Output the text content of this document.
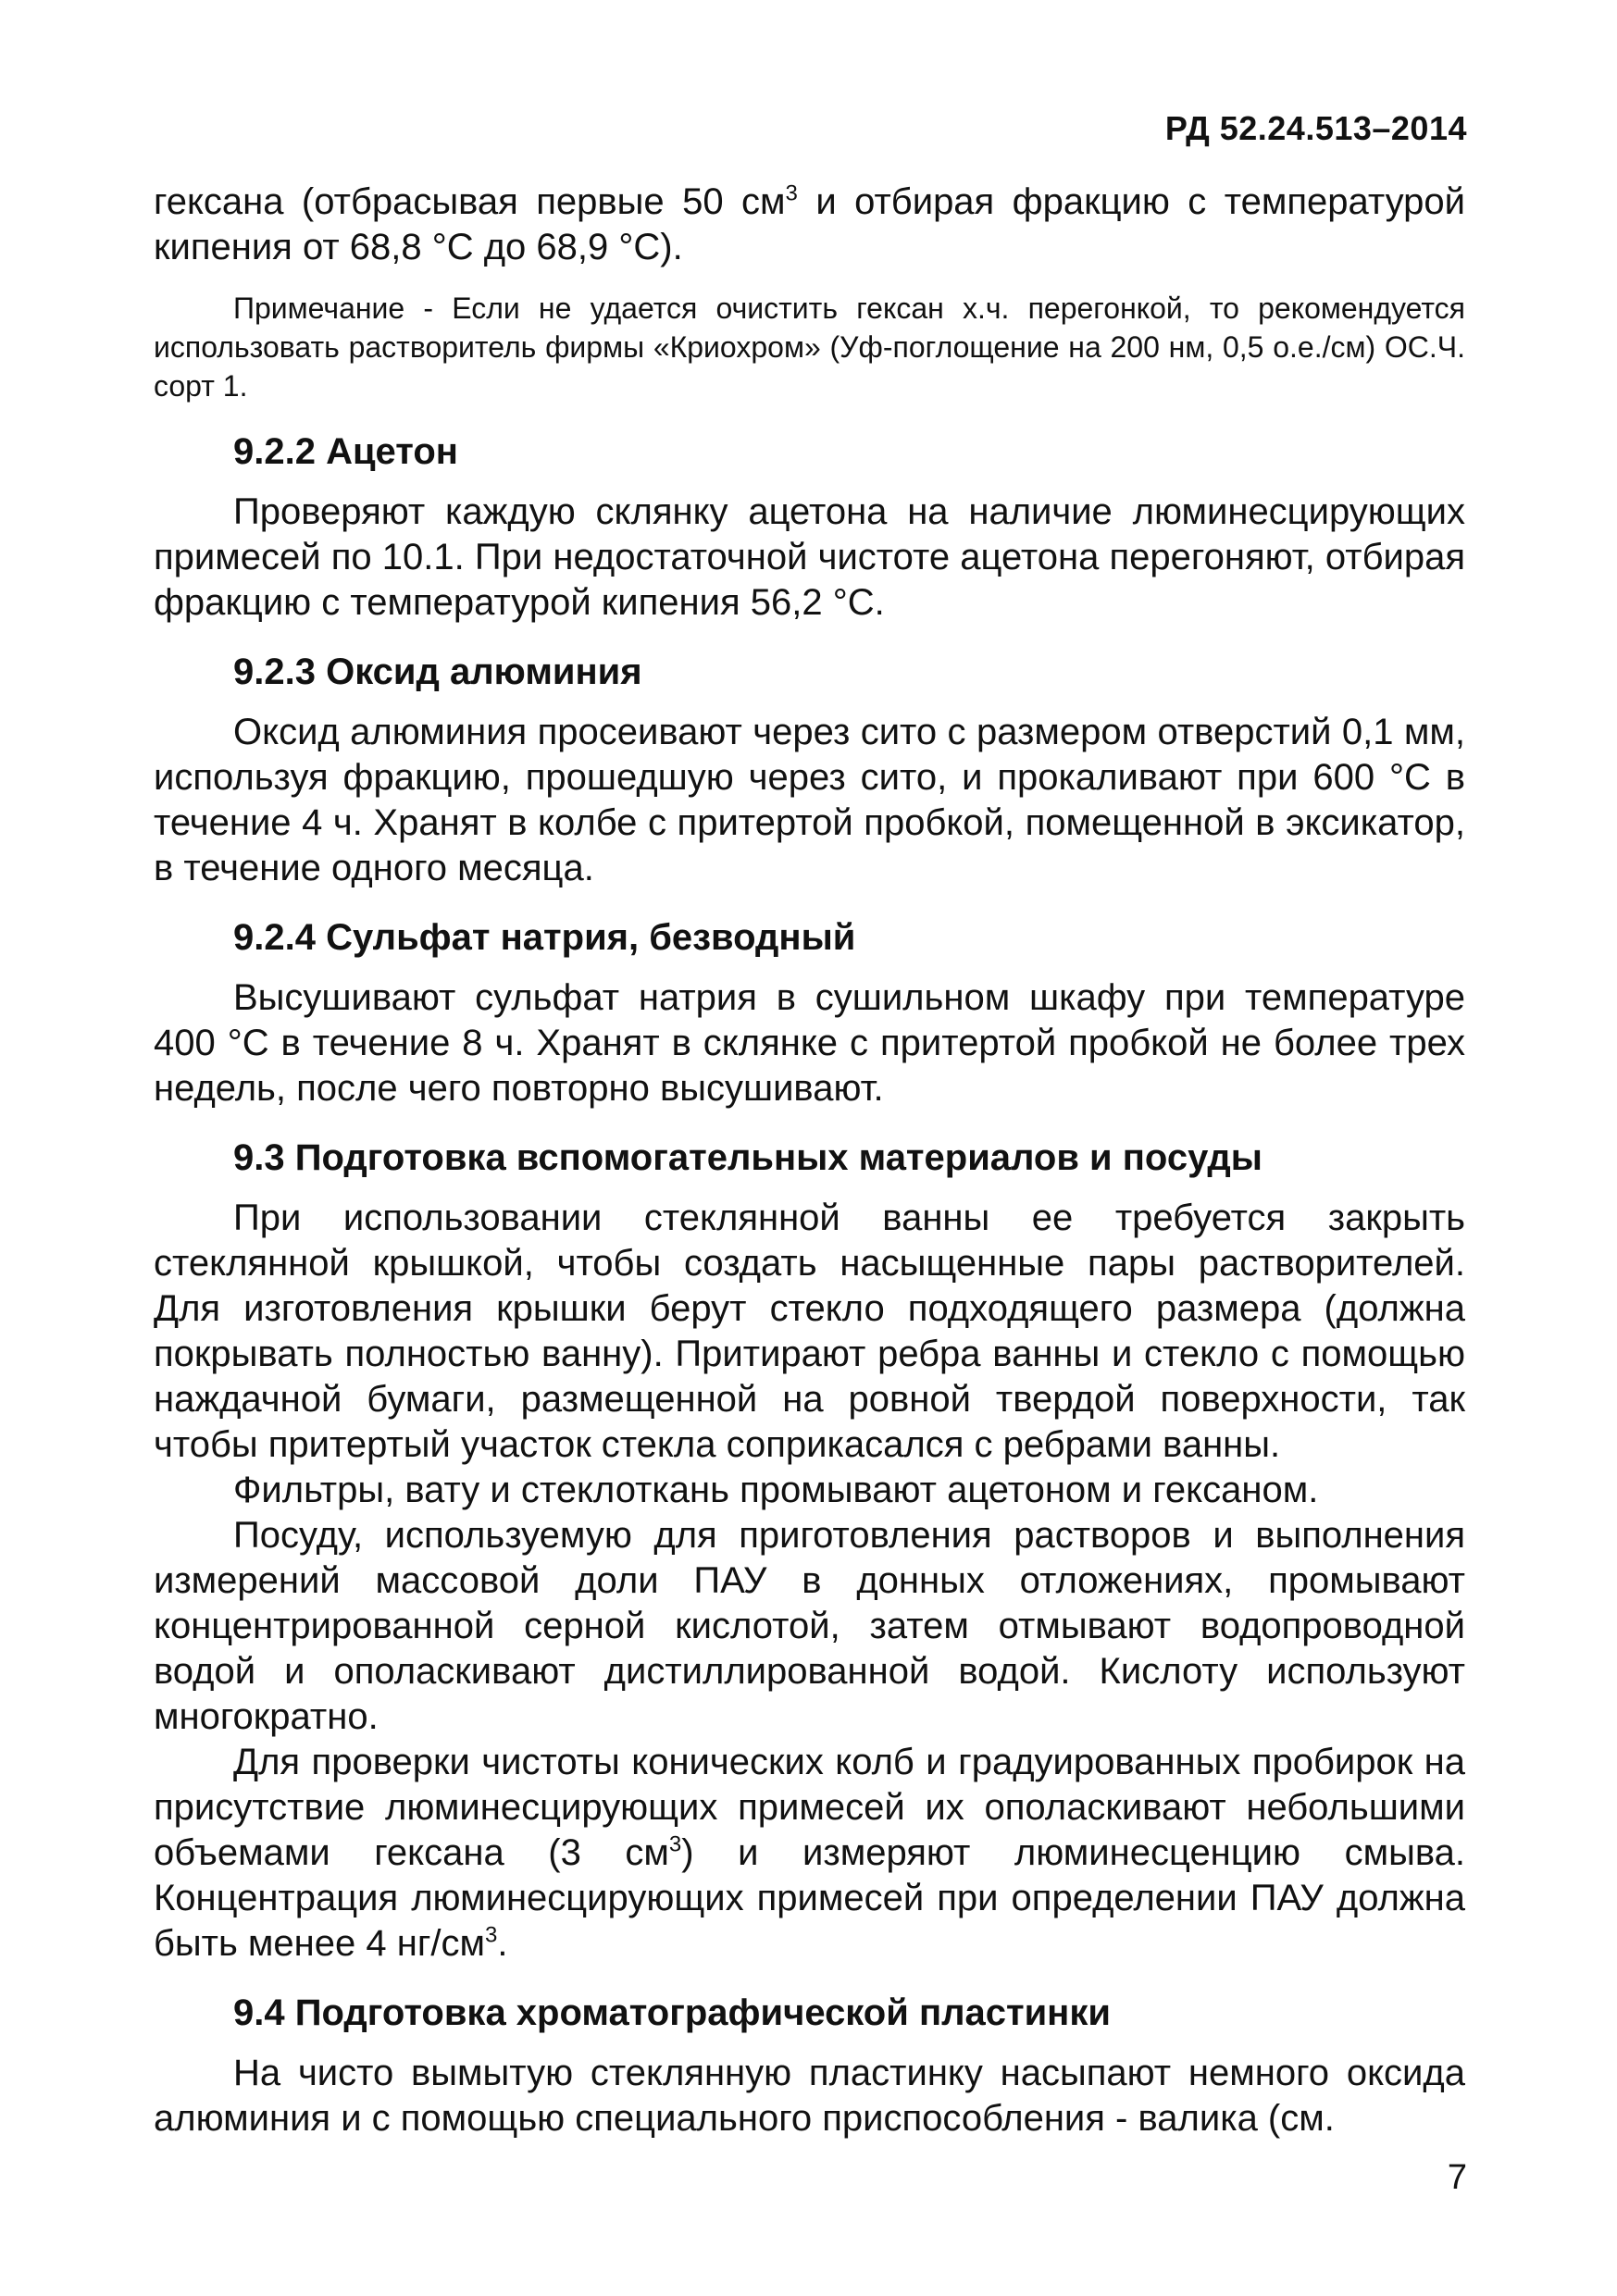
РД 52.24.513–2014

гексана (отбрасывая первые 50 $см^3$ и отбирая фракцию с температурой кипения от 68,8 °С до 68,9 °С).

Примечание - Если не удается очистить гексан х.ч. перегонкой, то рекомендуется использовать растворитель фирмы «Криохром» (Уф-поглощение на 200 нм, 0,5 о.е./см) ОС.Ч. сорт 1.

9.2.2 Ацетон

Проверяют каждую склянку ацетона на наличие люминесцирующих примесей по 10.1. При недостаточной чистоте ацетона перегоняют, отбирая фракцию с температурой кипения 56,2 °С.

9.2.3 Оксид алюминия

Оксид алюминия просеивают через сито с размером отверстий 0,1 мм, используя фракцию, прошедшую через сито, и прокаливают при 600 °С в течение 4 ч. Хранят в колбе с притертой пробкой, помещенной в эксикатор, в течение одного месяца.

9.2.4 Сульфат натрия, безводный

Высушивают сульфат натрия в сушильном шкафу при температуре 400 °С в течение 8 ч. Хранят в склянке с притертой пробкой не более трех недель, после чего повторно высушивают.

9.3 Подготовка вспомогательных материалов и посуды

При использовании стеклянной ванны ее требуется закрыть стеклянной крышкой, чтобы создать насыщенные пары растворителей. Для изготовления крышки берут стекло подходящего размера (должна покрывать полностью ванну). Притирают ребра ванны и стекло с помощью наждачной бумаги, размещенной на ровной твердой поверхности, так чтобы притертый участок стекла соприкасался с ребрами ванны.

Фильтры, вату и стеклоткань промывают ацетоном и гексаном.

Посуду, используемую для приготовления растворов и выполнения измерений массовой доли ПАУ в донных отложениях, промывают концентрированной серной кислотой, затем отмывают водопроводной водой и ополаскивают дистиллированной водой. Кислоту используют многократно.

Для проверки чистоты конических колб и градуированных пробирок на присутствие люминесцирующих примесей их ополаскивают небольшими объемами гексана (3 $см^3$) и измеряют люминесценцию смыва. Концентрация люминесцирующих примесей при определении ПАУ должна быть менее 4 $нг/см^3$.

9.4 Подготовка хроматографической пластинки

На чисто вымытую стеклянную пластинку насыпают немного оксида алюминия и с помощью специального приспособления - валика (см.

7
